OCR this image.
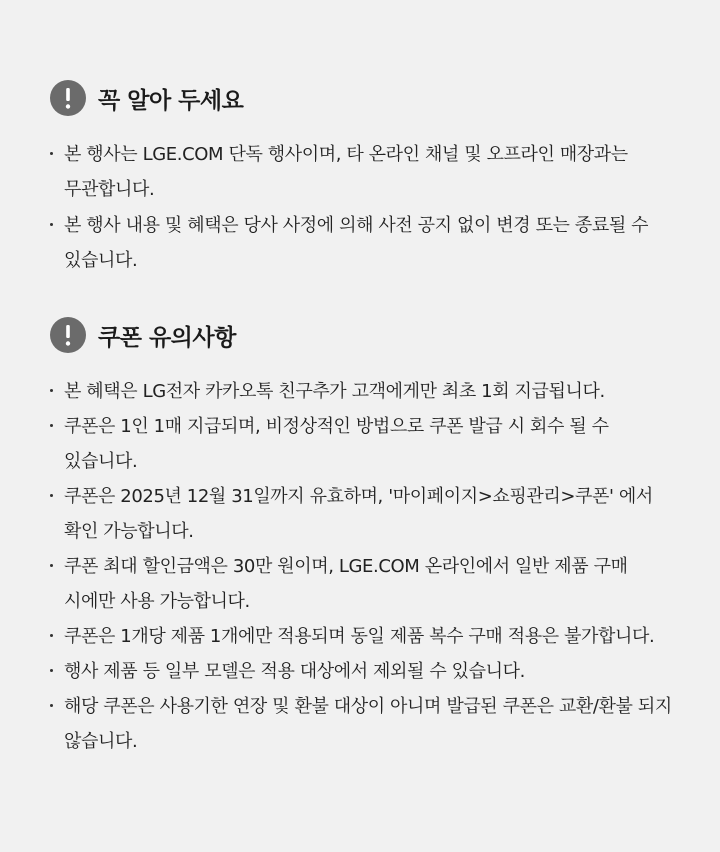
꼭 알아 두세요
본 행사는 LGE.COM 단독 행사이며, 타 온라인 채널 및 오프라인 매장과는 무관합니다.
본 행사 내용 및 혜택은 당사 사정에 의해 사전 공지 없이 변경 또는 종료될 수 있습니다.
쿠폰 유의사항
본 혜택은 LG전자 카카오톡 친구추가 고객에게만 최초 1회 지급됩니다.
쿠폰은 1인 1매 지급되며, 비정상적인 방법으로 쿠폰 발급 시 회수 될 수 있습니다.
쿠폰은 2025년 12월 31일까지 유효하며, '마이페이지>쇼핑관리>쿠폰' 에서 확인 가능합니다.
쿠폰 최대 할인금액은 30만 원이며, LGE.COM 온라인에서 일반 제품 구매 시에만 사용 가능합니다.
쿠폰은 1개당 제품 1개에만 적용되며 동일 제품 복수 구매 적용은 불가합니다.
행사 제품 등 일부 모델은 적용 대상에서 제외될 수 있습니다.
해당 쿠폰은 사용기한 연장 및 환불 대상이 아니며 발급된 쿠폰은 교환/환불 되지 않습니다.
